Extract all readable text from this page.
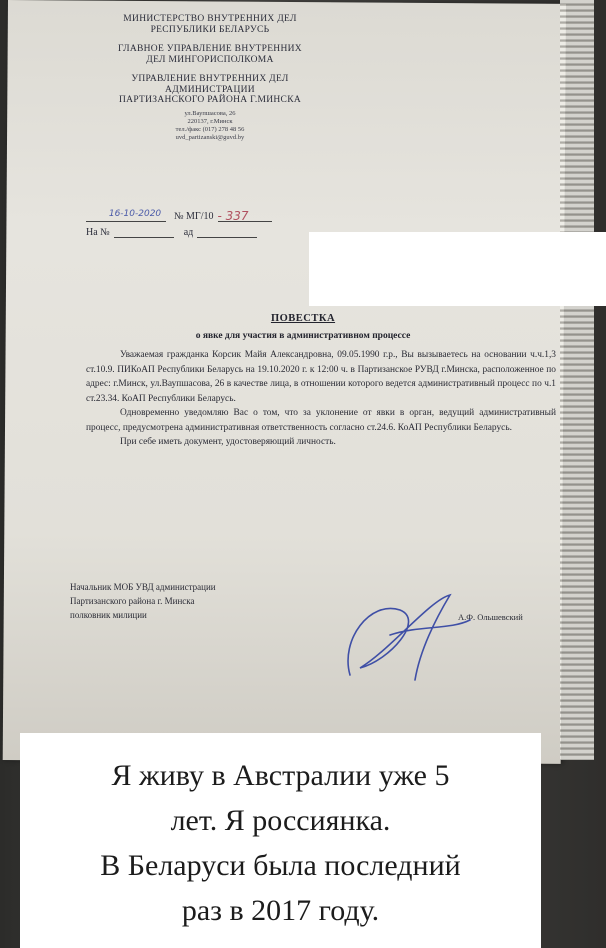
МИНИСТЕРСТВО ВНУТРЕННИХ ДЕЛ
РЕСПУБЛИКИ БЕЛАРУСЬ
ГЛАВНОЕ УПРАВЛЕНИЕ ВНУТРЕННИХ
ДЕЛ МИНГОРИСПОЛКОМА
УПРАВЛЕНИЕ ВНУТРЕННИХ ДЕЛ
АДМИНИСТРАЦИИ
ПАРТИЗАНСКОГО РАЙОНА Г.МИНСКА
ул.Ваупшасова, 26
220137, г.Минск
тел./факс (017) 278 48 56
uvd_partizanski@guvd.by
16-10-2020	№ МГ/10 - 337
На №	ад
ПОВЕСТКА
о явке для участия в административном процессе

Уважаемая гражданка Корсик Майя Александровна, 09.05.1990 г.р., Вы вызываетесь на основании ч.ч.1,3 ст.10.9. ПИКоАП Республики Беларусь на 19.10.2020 г. к 12:00 ч. в Партизанское РУВД г.Минска, расположенное по адрес: г.Минск, ул.Ваупшасова, 26 в качестве лица, в отношении которого ведется административный процесс по ч.1 ст.23.34. КоАП Республики Беларусь.

Одновременно уведомляю Вас о том, что за уклонение от явки в орган, ведущий административный процесс, предусмотрена административная ответственность согласно ст.24.6. КоАП Республики Беларусь.

При себе иметь документ, удостоверяющий личность.

Начальник МОБ УВД администрации
Партизанского района г. Минска
полковник милиции	А.Ф. Ольшевский
Я живу в Австралии уже 5
лет. Я россиянка.
В Беларуси была последний
раз в 2017 году.
